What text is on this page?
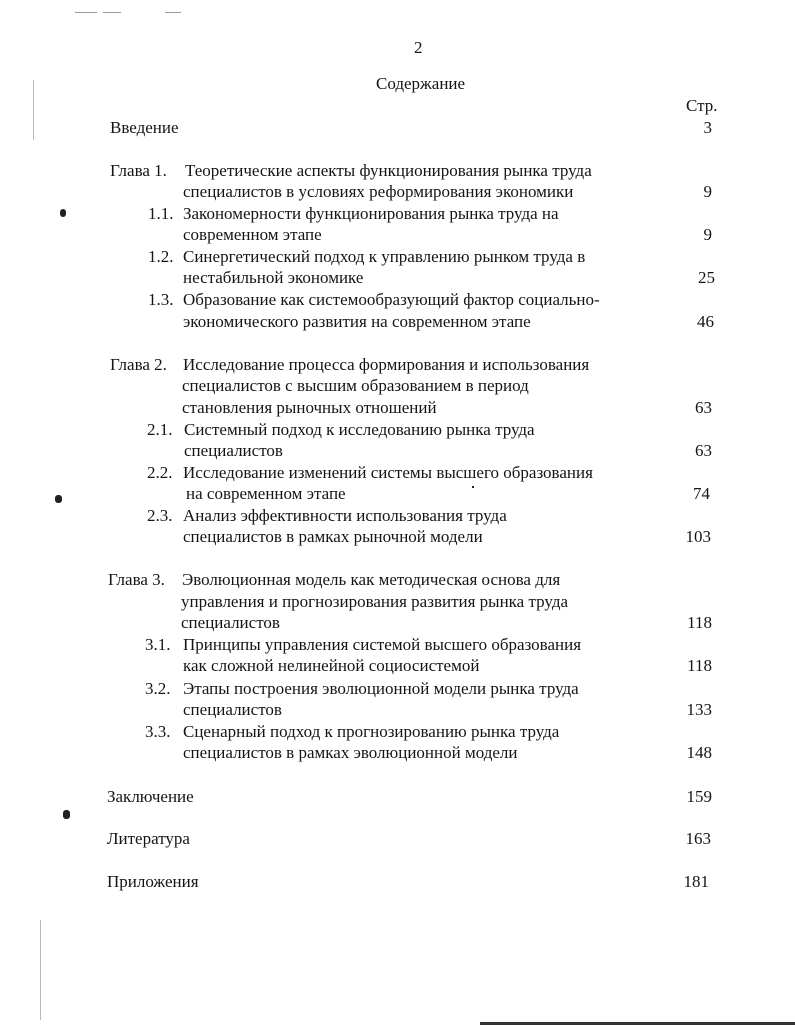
2
Содержание
Стр.
Введение	3
Глава 1. Теоретические аспекты функционирования рынка труда
специалистов в условиях реформирования экономики	9
1.1. Закономерности функционирования рынка труда на
современном этапе	9
1.2. Синергетический подход к управлению рынком труда в
нестабильной экономике	25
1.3. Образование как системообразующий фактор социально-
экономического развития на современном этапе	46
Глава 2. Исследование процесса формирования и использования
специалистов с высшим образованием в период
становления рыночных отношений	63
2.1. Системный подход к исследованию рынка труда
специалистов	63
2.2. Исследование изменений системы высшего образования
на современном этапе	74
2.3. Анализ эффективности использования труда
специалистов в рамках рыночной модели	103
Глава 3. Эволюционная модель как методическая основа для
управления и прогнозирования развития рынка труда
специалистов	118
3.1. Принципы управления системой высшего образования
как сложной нелинейной социосистемой	118
3.2. Этапы построения эволюционной модели рынка труда
специалистов	133
3.3. Сценарный подход к прогнозированию рынка труда
специалистов в рамках эволюционной модели	148
Заключение	159
Литература	163
Приложения	181
